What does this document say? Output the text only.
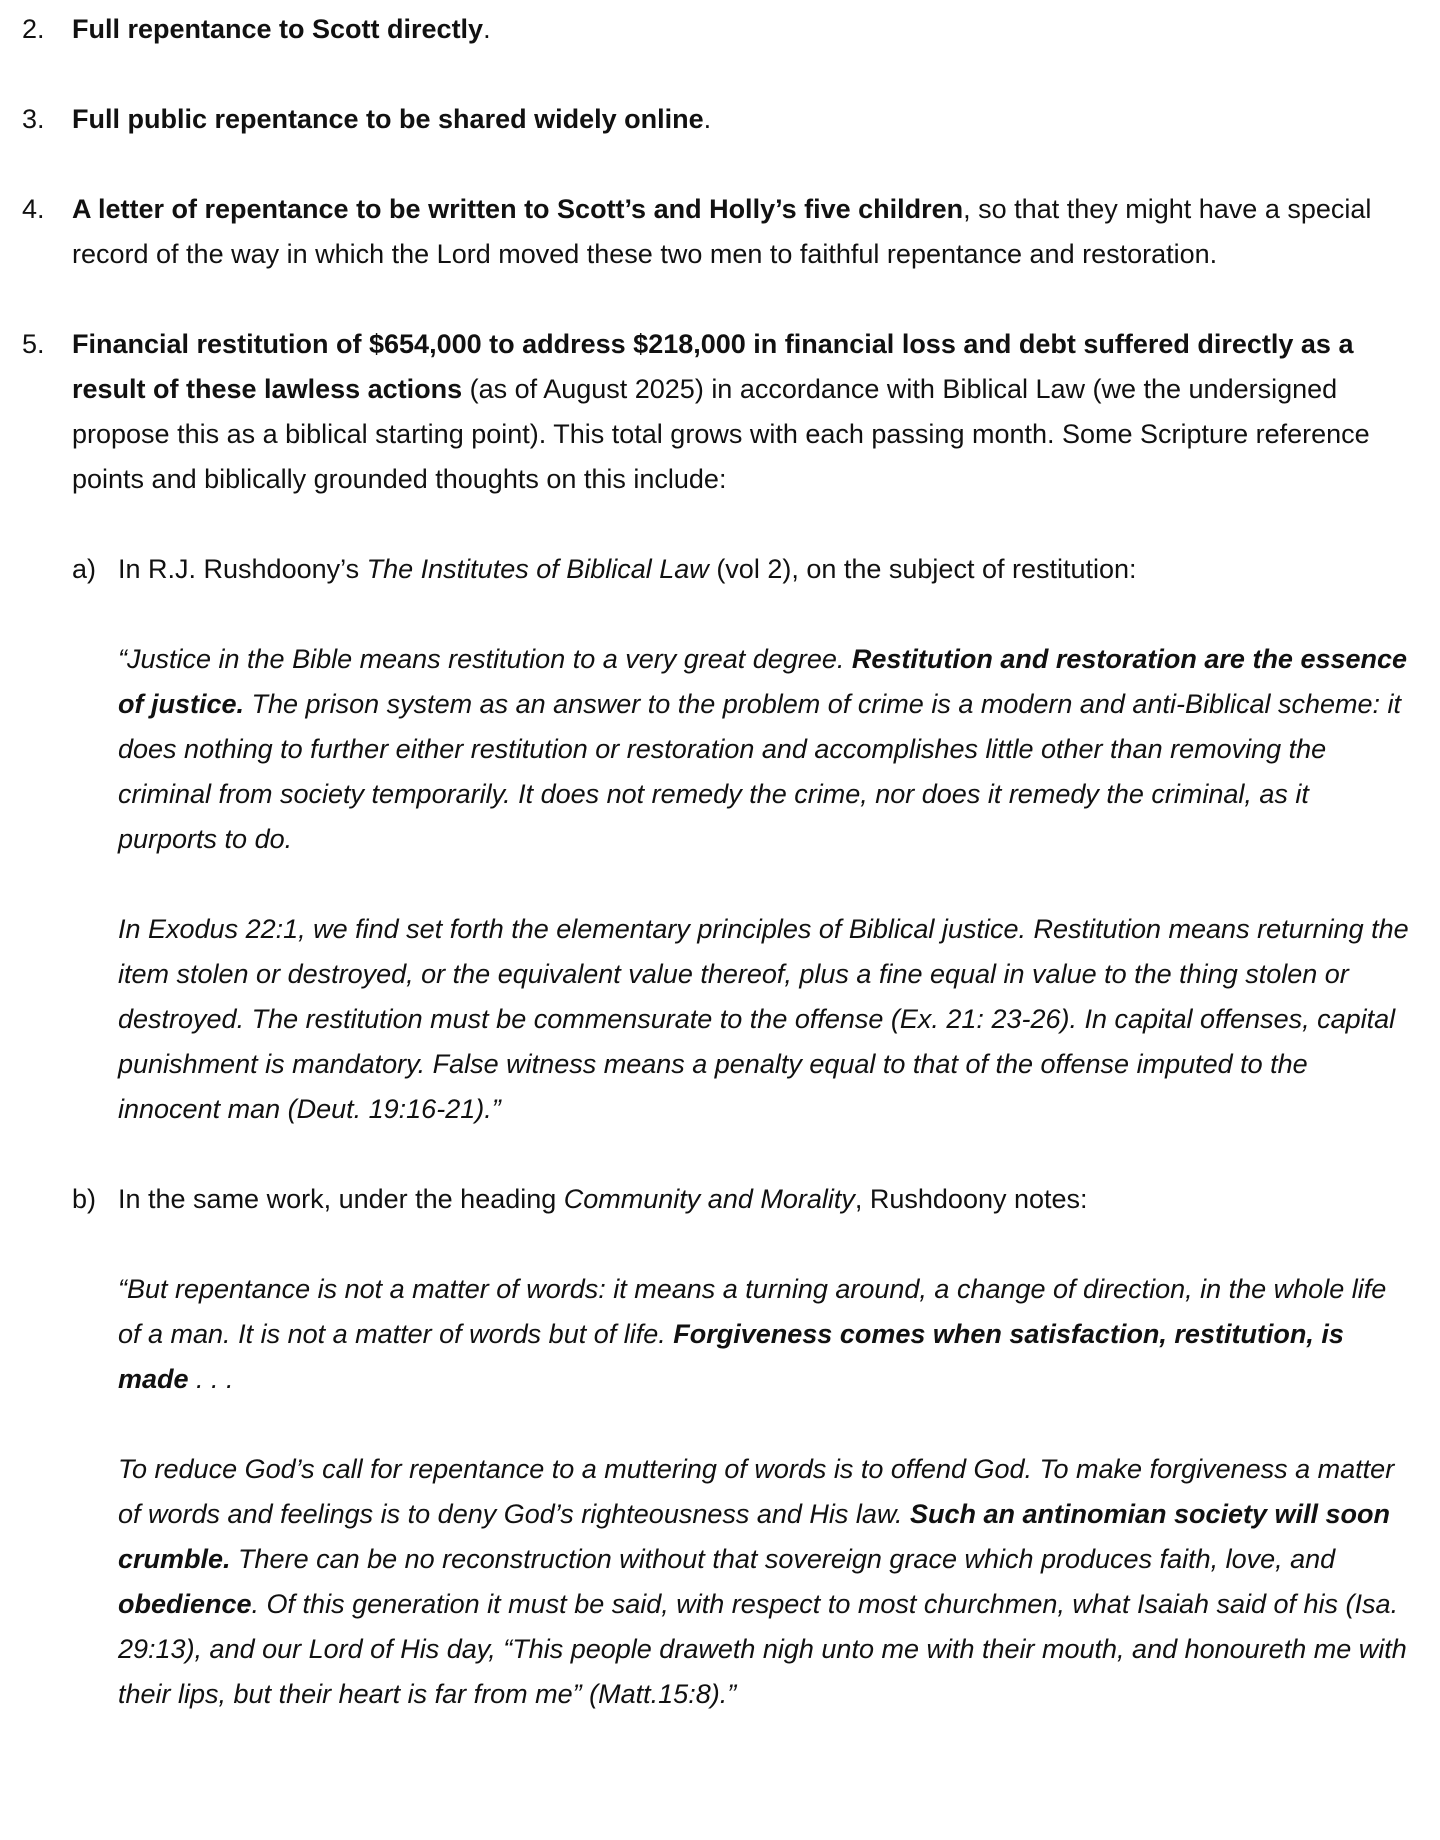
2.	Full repentance to Scott directly.
3.	Full public repentance to be shared widely online.
4.	A letter of repentance to be written to Scott’s and Holly’s five children, so that they might have a special record of the way in which the Lord moved these two men to faithful repentance and restoration.
5.	Financial restitution of $654,000 to address $218,000 in financial loss and debt suffered directly as a result of these lawless actions (as of August 2025) in accordance with Biblical Law (we the undersigned propose this as a biblical starting point). This total grows with each passing month. Some Scripture reference points and biblically grounded thoughts on this include:
a) In R.J. Rushdoony’s The Institutes of Biblical Law (vol 2), on the subject of restitution:
“Justice in the Bible means restitution to a very great degree. Restitution and restoration are the essence of justice. The prison system as an answer to the problem of crime is a modern and anti-Biblical scheme: it does nothing to further either restitution or restoration and accomplishes little other than removing the criminal from society temporarily. It does not remedy the crime, nor does it remedy the criminal, as it purports to do.
In Exodus 22:1, we find set forth the elementary principles of Biblical justice. Restitution means returning the item stolen or destroyed, or the equivalent value thereof, plus a fine equal in value to the thing stolen or destroyed. The restitution must be commensurate to the offense (Ex. 21: 23-26). In capital offenses, capital punishment is mandatory. False witness means a penalty equal to that of the offense imputed to the innocent man (Deut. 19:16-21).”
b) In the same work, under the heading Community and Morality, Rushdoony notes:
“But repentance is not a matter of words: it means a turning around, a change of direction, in the whole life of a man. It is not a matter of words but of life. Forgiveness comes when satisfaction, restitution, is made . . .
To reduce God’s call for repentance to a muttering of words is to offend God. To make forgiveness a matter of words and feelings is to deny God’s righteousness and His law. Such an antinomian society will soon crumble. There can be no reconstruction without that sovereign grace which produces faith, love, and obedience. Of this generation it must be said, with respect to most churchmen, what Isaiah said of his (Isa. 29:13), and our Lord of His day, “This people draweth nigh unto me with their mouth, and honoureth me with their lips, but their heart is far from me” (Matt.15:8).”
